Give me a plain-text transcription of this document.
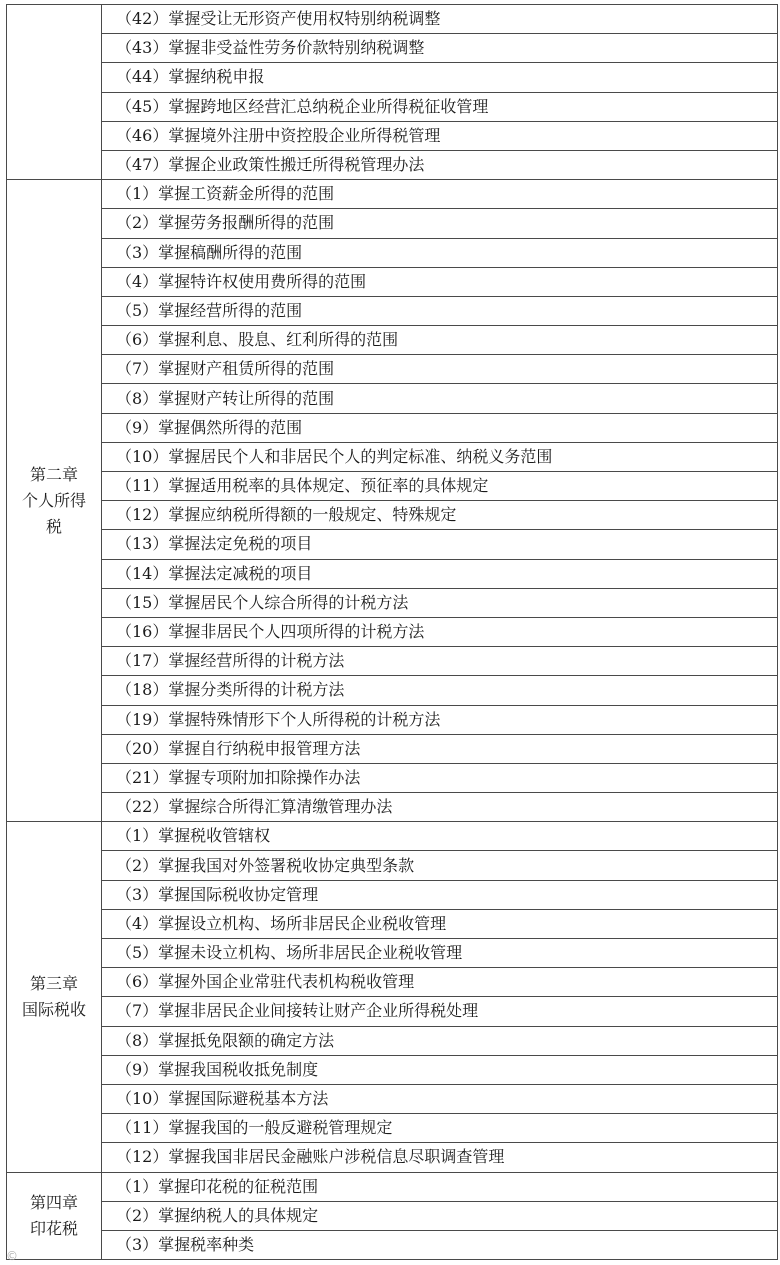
	（42）掌握受让无形资产使用权特别纳税调整
	（43）掌握非受益性劳务价款特别纳税调整
	（44）掌握纳税申报
	（45）掌握跨地区经营汇总纳税企业所得税征收管理
	（46）掌握境外注册中资控股企业所得税管理
	（47）掌握企业政策性搬迁所得税管理办法

第二章
个人所得
税	（1）掌握工资薪金所得的范围
	（2）掌握劳务报酬所得的范围
	（3）掌握稿酬所得的范围
	（4）掌握特许权使用费所得的范围
	（5）掌握经营所得的范围
	（6）掌握利息、股息、红利所得的范围
	（7）掌握财产租赁所得的范围
	（8）掌握财产转让所得的范围
	（9）掌握偶然所得的范围
	（10）掌握居民个人和非居民个人的判定标准、纳税义务范围
	（11）掌握适用税率的具体规定、预征率的具体规定
	（12）掌握应纳税所得额的一般规定、特殊规定
	（13）掌握法定免税的项目
	（14）掌握法定减税的项目
	（15）掌握居民个人综合所得的计税方法
	（16）掌握非居民个人四项所得的计税方法
	（17）掌握经营所得的计税方法
	（18）掌握分类所得的计税方法
	（19）掌握特殊情形下个人所得税的计税方法
	（20）掌握自行纳税申报管理方法
	（21）掌握专项附加扣除操作办法
	（22）掌握综合所得汇算清缴管理办法

第三章
国际税收	（1）掌握税收管辖权
	（2）掌握我国对外签署税收协定典型条款
	（3）掌握国际税收协定管理
	（4）掌握设立机构、场所非居民企业税收管理
	（5）掌握未设立机构、场所非居民企业税收管理
	（6）掌握外国企业常驻代表机构税收管理
	（7）掌握非居民企业间接转让财产企业所得税处理
	（8）掌握抵免限额的确定方法
	（9）掌握我国税收抵免制度
	（10）掌握国际避税基本方法
	（11）掌握我国的一般反避税管理规定
	（12）掌握我国非居民金融账户涉税信息尽职调查管理

第四章
印花税	（1）掌握印花税的征税范围
	（2）掌握纳税人的具体规定
	（3）掌握税率种类
©
